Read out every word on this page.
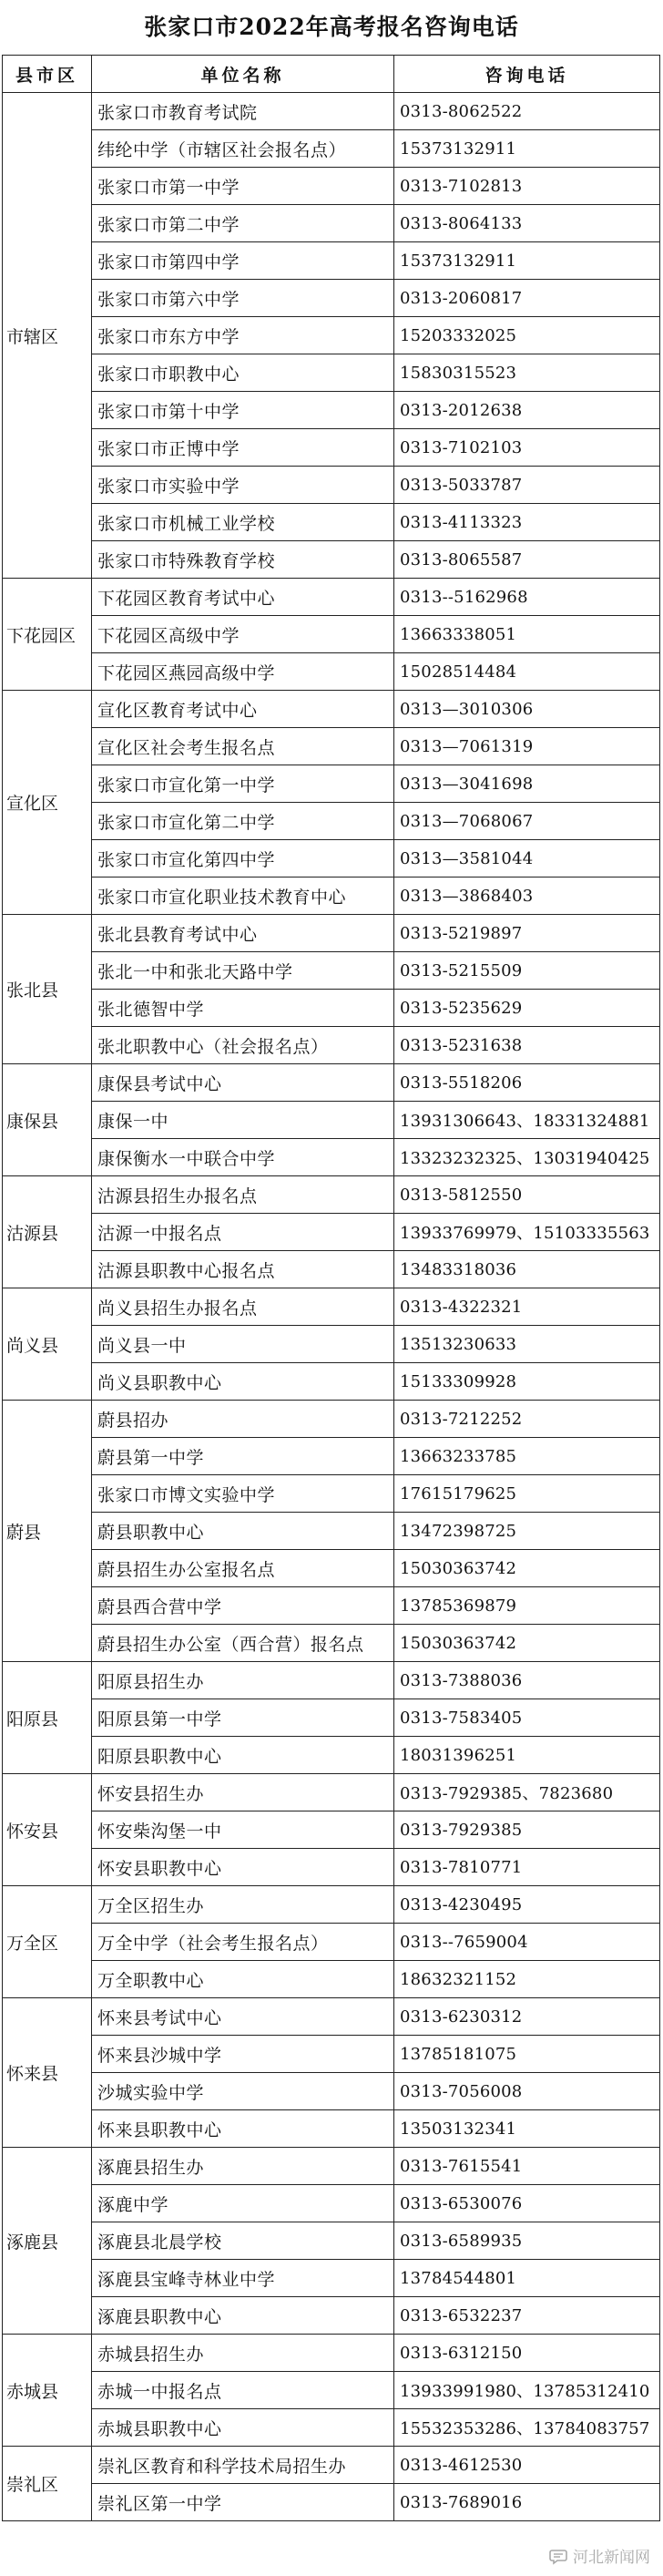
张家口市2022年高考报名咨询电话
县市区	单位名称	咨询电话
市辖区	张家口市教育考试院	0313-8062522
	纬纶中学（市辖区社会报名点）	15373132911
	张家口市第一中学	0313-7102813
	张家口市第二中学	0313-8064133
	张家口市第四中学	15373132911
	张家口市第六中学	0313-2060817
	张家口市东方中学	15203332025
	张家口市职教中心	15830315523
	张家口市第十中学	0313-2012638
	张家口市正博中学	0313-7102103
	张家口市实验中学	0313-5033787
	张家口市机械工业学校	0313-4113323
	张家口市特殊教育学校	0313-8065587
下花园区	下花园区教育考试中心	0313--5162968
	下花园区高级中学	13663338051
	下花园区燕园高级中学	15028514484
宣化区	宣化区教育考试中心	0313—3010306
	宣化区社会考生报名点	0313—7061319
	张家口市宣化第一中学	0313—3041698
	张家口市宣化第二中学	0313—7068067
	张家口市宣化第四中学	0313—3581044
	张家口市宣化职业技术教育中心	0313—3868403
张北县	张北县教育考试中心	0313-5219897
	张北一中和张北天路中学	0313-5215509
	张北德智中学	0313-5235629
	张北职教中心（社会报名点）	0313-5231638
康保县	康保县考试中心	0313-5518206
	康保一中	13931306643、18331324881
	康保衡水一中联合中学	13323232325、13031940425
沽源县	沽源县招生办报名点	0313-5812550
	沽源一中报名点	13933769979、15103335563
	沽源县职教中心报名点	13483318036
尚义县	尚义县招生办报名点	0313-4322321
	尚义县一中	13513230633
	尚义县职教中心	15133309928
蔚县	蔚县招办	0313-7212252
	蔚县第一中学	13663233785
	张家口市博文实验中学	17615179625
	蔚县职教中心	13472398725
	蔚县招生办公室报名点	15030363742
	蔚县西合营中学	13785369879
	蔚县招生办公室（西合营）报名点	15030363742
阳原县	阳原县招生办	0313-7388036
	阳原县第一中学	0313-7583405
	阳原县职教中心	18031396251
怀安县	怀安县招生办	0313-7929385、7823680
	怀安柴沟堡一中	0313-7929385
	怀安县职教中心	0313-7810771
万全区	万全区招生办	0313-4230495
	万全中学（社会考生报名点）	0313--7659004
	万全职教中心	18632321152
怀来县	怀来县考试中心	0313-6230312
	怀来县沙城中学	13785181075
	沙城实验中学	0313-7056008
	怀来县职教中心	13503132341
涿鹿县	涿鹿县招生办	0313-7615541
	涿鹿中学	0313-6530076
	涿鹿县北晨学校	0313-6589935
	涿鹿县宝峰寺林业中学	13784544801
	涿鹿县职教中心	0313-6532237
赤城县	赤城县招生办	0313-6312150
	赤城一中报名点	13933991980、13785312410
	赤城县职教中心	15532353286、13784083757
崇礼区	崇礼区教育和科学技术局招生办	0313-4612530
	崇礼区第一中学	0313-7689016
河北新闻网
